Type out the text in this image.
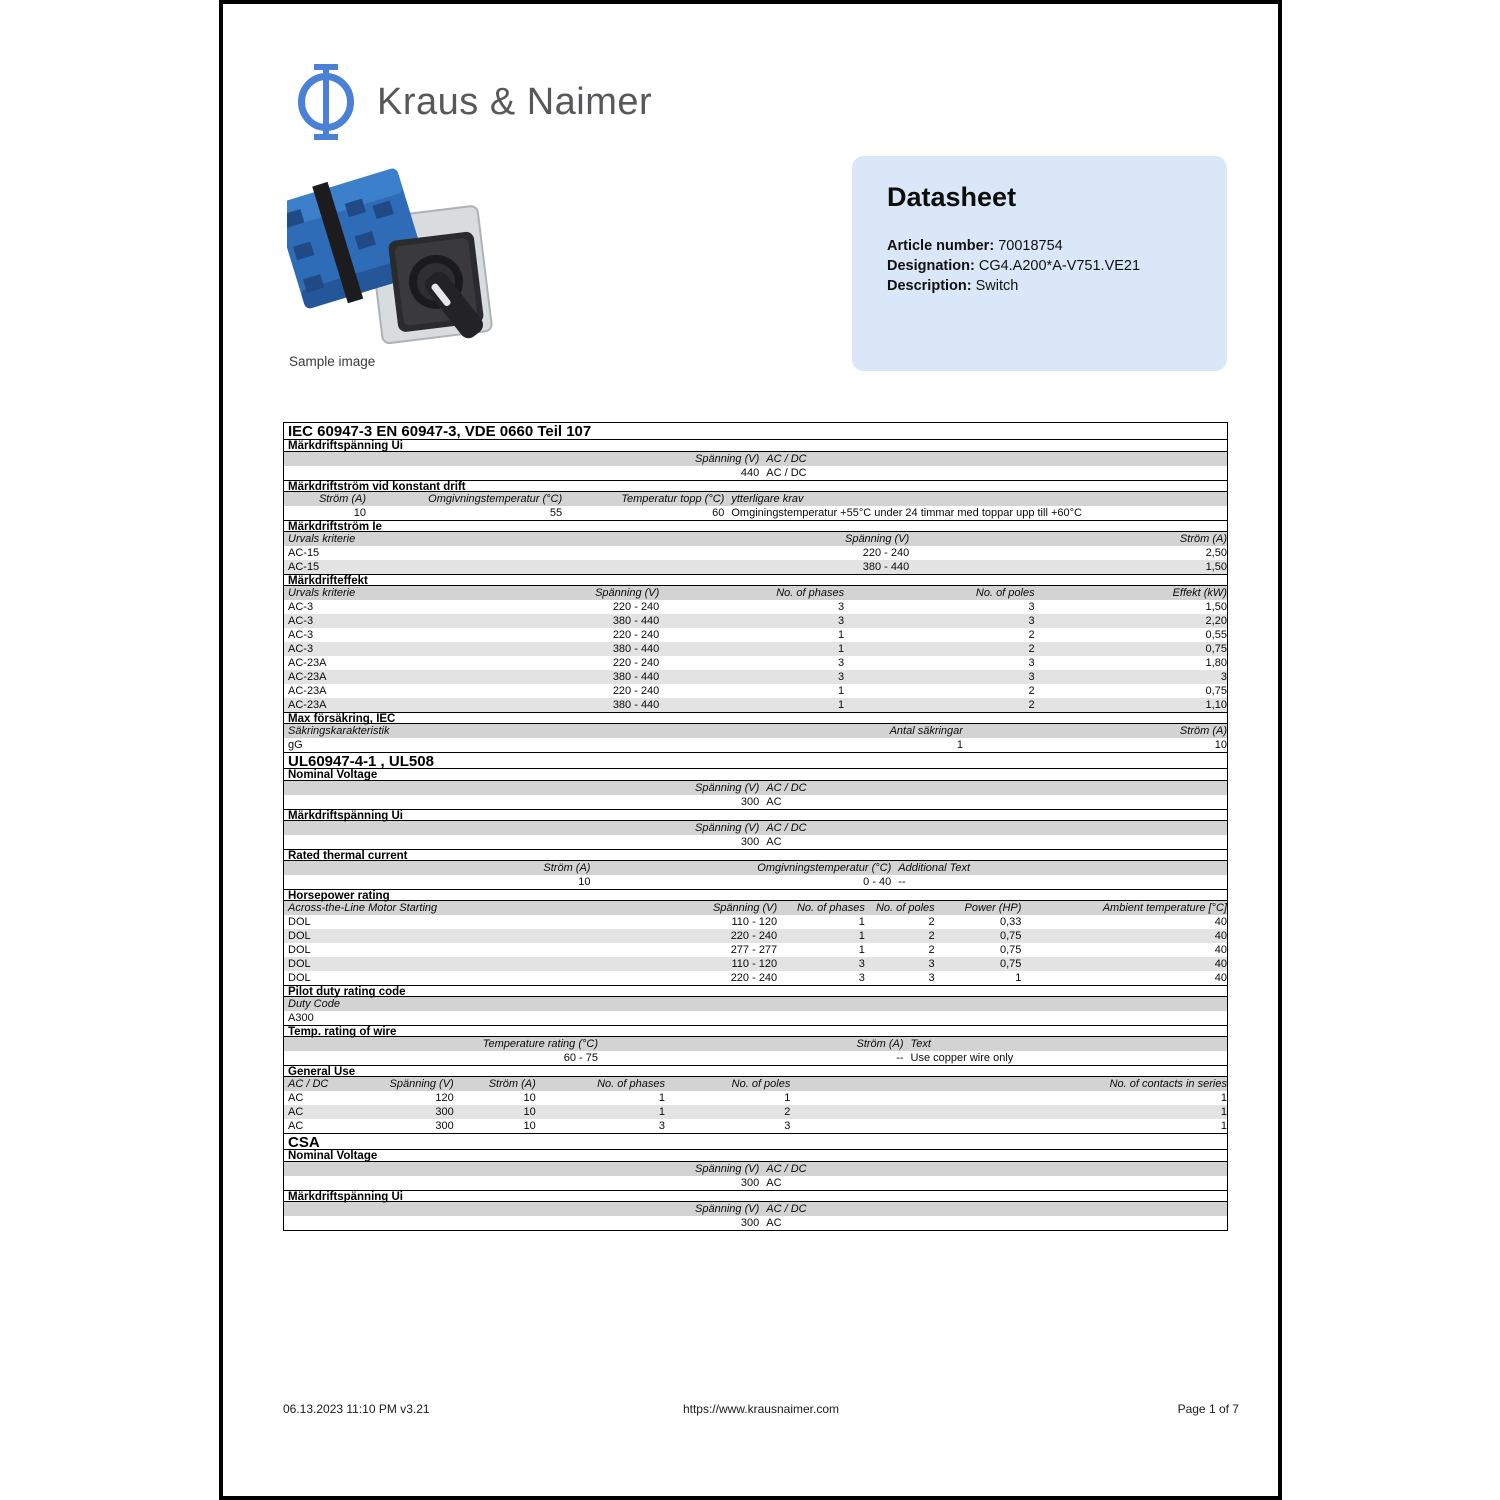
Kraus & Naimer
Sample image
Datasheet
Article number: 70018754
Designation: CG4.A200*A-V751.VE21
Description: Switch
IEC 60947-3 EN 60947-3, VDE 0660 Teil 107
Märkdriftspänning Ui
Spänning (V) AC / DC
440 AC / DC
Märkdriftström vid konstant drift
Ström (A)	Omgivningstemperatur (°C)	Temperatur topp (°C) ytterligare krav
10	55	60 Omginingstemperatur +55°C under 24 timmar med toppar upp till +60°C
Märkdriftström Ie
Urvals kriterie	Spänning (V)	Ström (A)
AC-15	220 - 240	2,50
AC-15	380 - 440	1,50
Märkdrifteffekt
Urvals kriterie	Spänning (V)	No. of phases	No. of poles	Effekt (kW)
AC-3	220 - 240	3	3	1,50
AC-3	380 - 440	3	3	2,20
AC-3	220 - 240	1	2	0,55
AC-3	380 - 440	1	2	0,75
AC-23A	220 - 240	3	3	1,80
AC-23A	380 - 440	3	3	3
AC-23A	220 - 240	1	2	0,75
AC-23A	380 - 440	1	2	1,10
Max försäkring, IEC
Säkringskarakteristik	Antal säkringar	Ström (A)
gG	1	10
UL60947-4-1 , UL508
Nominal Voltage
Spänning (V) AC / DC
300 AC
Märkdriftspänning Ui
Spänning (V) AC / DC
300 AC
Rated thermal current
Ström (A)	Omgivningstemperatur (°C) Additional Text
10	0 - 40 --
Horsepower rating
Across-the-Line Motor Starting	Spänning (V)	No. of phases	No. of poles	Power (HP)	Ambient temperature [°C]
DOL	110 - 120	1	2	0,33	40
DOL	220 - 240	1	2	0,75	40
DOL	277 - 277	1	2	0,75	40
DOL	110 - 120	3	3	0,75	40
DOL	220 - 240	3	3	1	40
Pilot duty rating code
Duty Code
A300
Temp. rating of wire
Temperature rating (°C)	Ström (A) Text
60 - 75	-- Use copper wire only
General Use
AC / DC	Spänning (V)	Ström (A)	No. of phases	No. of poles	No. of contacts in series
AC	120	10	1	1	1
AC	300	10	1	2	1
AC	300	10	3	3	1
CSA
Nominal Voltage
Spänning (V) AC / DC
300 AC
Märkdriftspänning Ui
Spänning (V) AC / DC
300 AC
06.13.2023 11:10 PM v3.21	https://www.krausnaimer.com	Page 1 of 7
